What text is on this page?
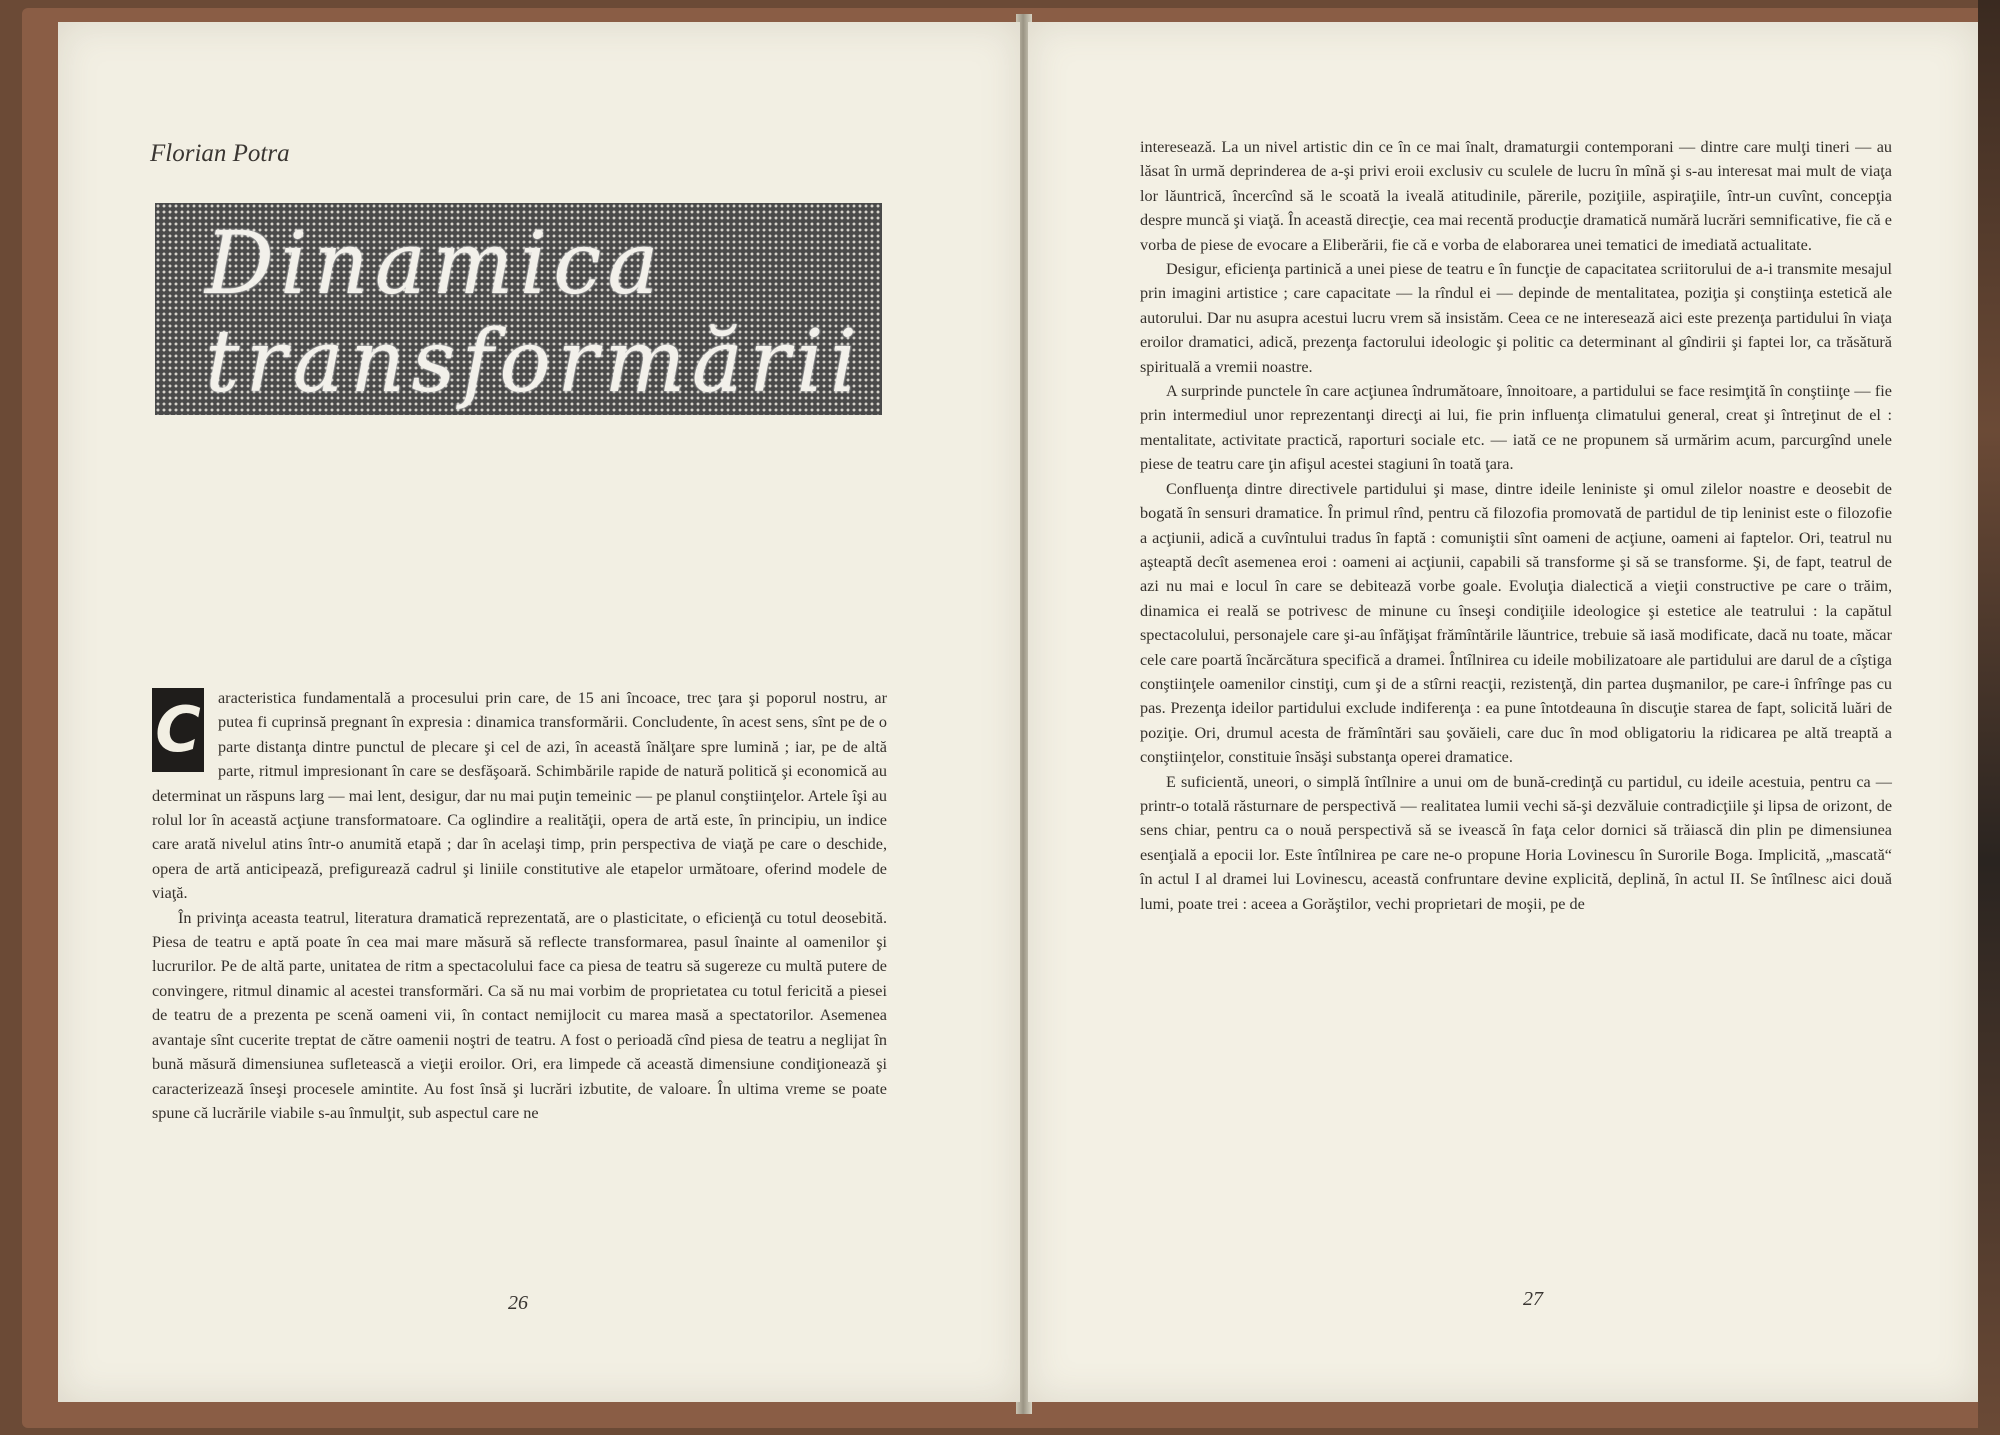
Florian Potra
Dinamica
transformării

C aracteristica fundamentală a procesului prin care, de 15 ani încoace, trec ţara şi poporul nostru, ar putea fi cuprinsă pregnant în expresia : dinamica transformării. Concludente, în acest sens, sînt pe de o parte distanţa dintre punctul de plecare şi cel de azi, în această înălţare spre lumină ; iar, pe de altă parte, ritmul impresionant în care se desfăşoară. Schimbările rapide de natură politică şi economică au determinat un răspuns larg — mai lent, desigur, dar nu mai puţin temeinic — pe planul conştiinţelor. Artele îşi au rolul lor în această acţiune transformatoare. Ca oglindire a realităţii, opera de artă este, în principiu, un indice care arată nivelul atins într-o anumită etapă ; dar în acelaşi timp, prin perspectiva de viaţă pe care o deschide, opera de artă anticipează, prefigurează cadrul şi liniile constitutive ale etapelor următoare, oferind modele de viaţă.

În privinţa aceasta teatrul, literatura dramatică reprezentată, are o plasticitate, o eficienţă cu totul deosebită. Piesa de teatru e aptă poate în cea mai mare măsură să reflecte transformarea, pasul înainte al oamenilor şi lucrurilor. Pe de altă parte, unitatea de ritm a spectacolului face ca piesa de teatru să sugereze cu multă putere de convingere, ritmul dinamic al acestei transformări. Ca să nu mai vorbim de proprietatea cu totul fericită a piesei de teatru de a prezenta pe scenă oameni vii, în contact nemijlocit cu marea masă a spectatorilor. Asemenea avantaje sînt cucerite treptat de către oamenii noştri de teatru. A fost o perioadă cînd piesa de teatru a neglijat în bună măsură dimensiunea sufletească a vieţii eroilor. Ori, era limpede că această dimensiune condiţionează şi caracterizează înseşi procesele amintite. Au fost însă şi lucrări izbutite, de valoare. În ultima vreme se poate spune că lucrările viabile s-au înmulţit, sub aspectul care ne

26

interesează. La un nivel artistic din ce în ce mai înalt, dramaturgii contemporani — dintre care mulţi tineri — au lăsat în urmă deprinderea de a-şi privi eroii exclusiv cu sculele de lucru în mînă şi s-au interesat mai mult de viaţa lor lăuntrică, încercînd să le scoată la iveală atitudinile, părerile, poziţiile, aspiraţiile, într-un cuvînt, concepţia despre muncă şi viaţă. În această direcţie, cea mai recentă producţie dramatică numără lucrări semnificative, fie că e vorba de piese de evocare a Eliberării, fie că e vorba de elaborarea unei tematici de imediată actualitate.

Desigur, eficienţa partinică a unei piese de teatru e în funcţie de capacitatea scriitorului de a-i transmite mesajul prin imagini artistice ; care capacitate — la rîndul ei — depinde de mentalitatea, poziţia şi conştiinţa estetică ale autorului. Dar nu asupra acestui lucru vrem să insistăm. Ceea ce ne interesează aici este prezenţa partidului în viaţa eroilor dramatici, adică, prezenţa factorului ideologic şi politic ca determinant al gîndirii şi faptei lor, ca trăsătură spirituală a vremii noastre.

A surprinde punctele în care acţiunea îndrumătoare, înnoitoare, a partidului se face resimţită în conştiinţe — fie prin intermediul unor reprezentanţi direcţi ai lui, fie prin influenţa climatului general, creat şi întreţinut de el : mentalitate, activitate practică, raporturi sociale etc. — iată ce ne propunem să urmărim acum, parcurgînd unele piese de teatru care ţin afişul acestei stagiuni în toată ţara.

Confluenţa dintre directivele partidului şi mase, dintre ideile leniniste şi omul zilelor noastre e deosebit de bogată în sensuri dramatice. În primul rînd, pentru că filozofia promovată de partidul de tip leninist este o filozofie a acţiunii, adică a cuvîntului tradus în faptă : comuniştii sînt oameni de acţiune, oameni ai faptelor. Ori, teatrul nu aşteaptă decît asemenea eroi : oameni ai acţiunii, capabili să transforme şi să se transforme. Şi, de fapt, teatrul de azi nu mai e locul în care se debitează vorbe goale. Evoluţia dialectică a vieţii constructive pe care o trăim, dinamica ei reală se potrivesc de minune cu înseşi condiţiile ideologice şi estetice ale teatrului : la capătul spectacolului, personajele care şi-au înfăţişat frămîntările lăuntrice, trebuie să iasă modificate, dacă nu toate, măcar cele care poartă încărcătura specifică a dramei. Întîlnirea cu ideile mobilizatoare ale partidului are darul de a cîştiga conştiinţele oamenilor cinstiţi, cum şi de a stîrni reacţii, rezistenţă, din partea duşmanilor, pe care-i înfrînge pas cu pas. Prezenţa ideilor partidului exclude indiferenţa : ea pune întotdeauna în discuţie starea de fapt, solicită luări de poziţie. Ori, drumul acesta de frămîntări sau şovăieli, care duc în mod obligatoriu la ridicarea pe altă treaptă a conştiinţelor, constituie însăşi substanţa operei dramatice.

E suficientă, uneori, o simplă întîlnire a unui om de bună-credinţă cu partidul, cu ideile acestuia, pentru ca — printr-o totală răsturnare de perspectivă — realitatea lumii vechi să-şi dezvăluie contradicţiile şi lipsa de orizont, de sens chiar, pentru ca o nouă perspectivă să se ivească în faţa celor dornici să trăiască din plin pe dimensiunea esenţială a epocii lor. Este întîlnirea pe care ne-o propune Horia Lovinescu în Surorile Boga. Implicită, „mascată“ în actul I al dramei lui Lovinescu, această confruntare devine explicită, deplină, în actul II. Se întîlnesc aici două lumi, poate trei : aceea a Gorăştilor, vechi proprietari de moşii, pe de

27
